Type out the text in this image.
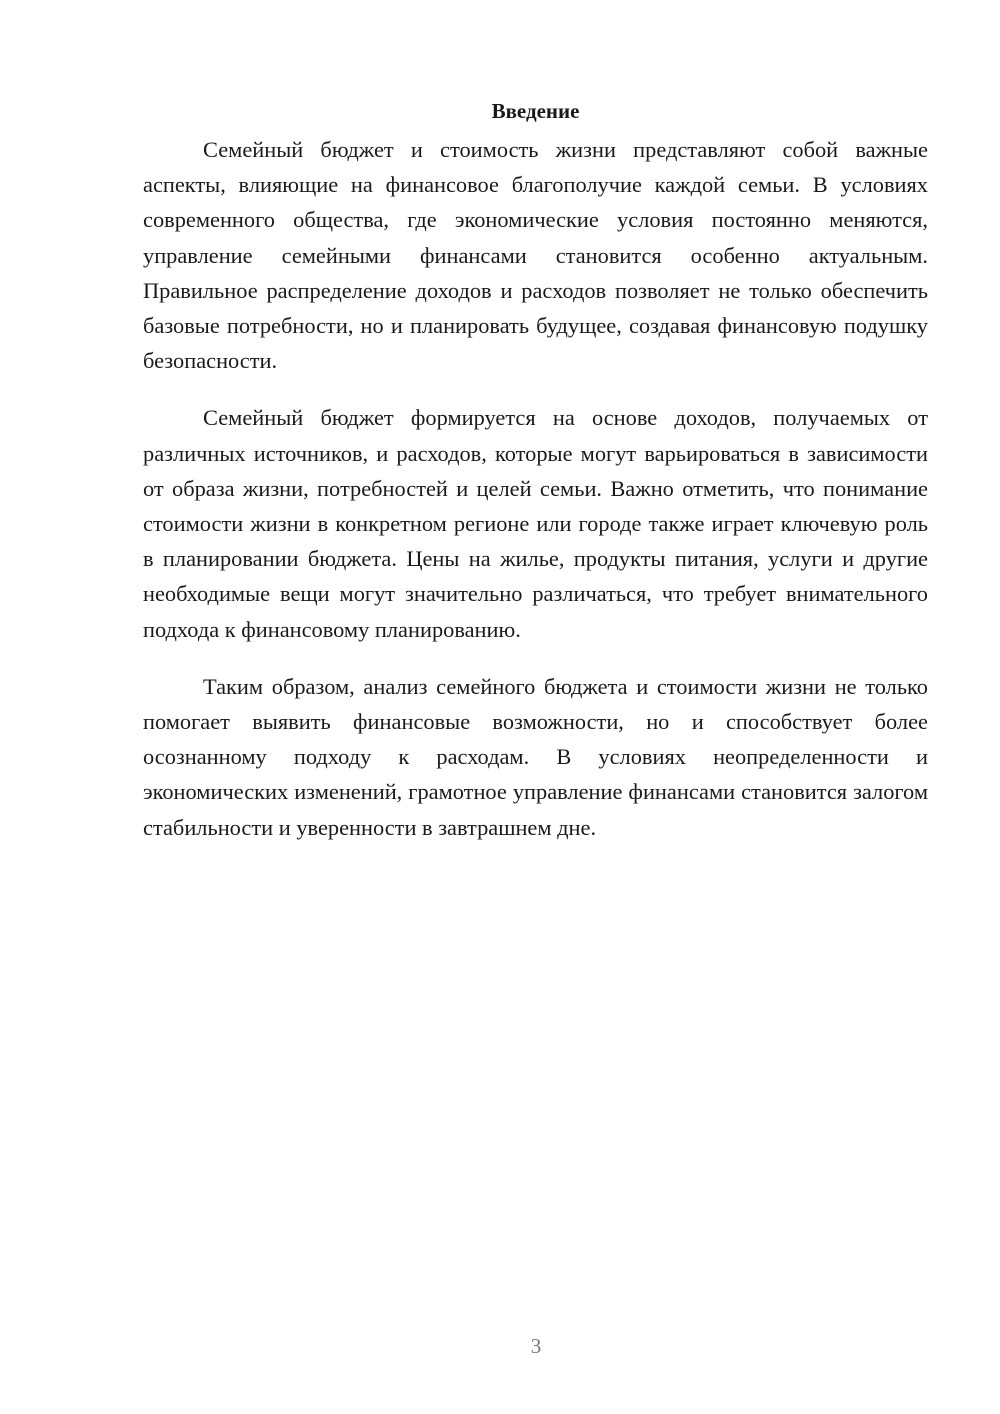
Введение

Семейный бюджет и стоимость жизни представляют собой важные аспекты, влияющие на финансовое благополучие каждой семьи. В условиях современного общества, где экономические условия постоянно меняются, управление семейными финансами становится особенно актуальным. Правильное распределение доходов и расходов позволяет не только обеспечить базовые потребности, но и планировать будущее, создавая финансовую подушку безопасности.

Семейный бюджет формируется на основе доходов, получаемых от различных источников, и расходов, которые могут варьироваться в зависимости от образа жизни, потребностей и целей семьи. Важно отметить, что понимание стоимости жизни в конкретном регионе или городе также играет ключевую роль в планировании бюджета. Цены на жилье, продукты питания, услуги и другие необходимые вещи могут значительно различаться, что требует внимательного подхода к финансовому планированию.

Таким образом, анализ семейного бюджета и стоимости жизни не только помогает выявить финансовые возможности, но и способствует более осознанному подходу к расходам. В условиях неопределенности и экономических изменений, грамотное управление финансами становится залогом стабильности и уверенности в завтрашнем дне.

3
